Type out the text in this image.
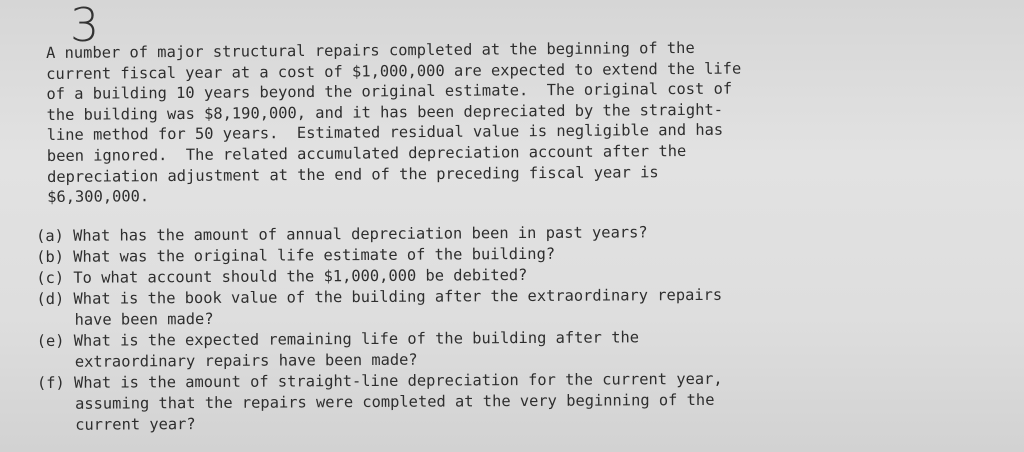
3
A number of major structural repairs completed at the beginning of the
current fiscal year at a cost of $1,000,000 are expected to extend the life
of a building 10 years beyond the original estimate.  The original cost of
the building was $8,190,000, and it has been depreciated by the straight-
line method for 50 years.  Estimated residual value is negligible and has
been ignored.  The related accumulated depreciation account after the
depreciation adjustment at the end of the preceding fiscal year is
$6,300,000.
(a) What has the amount of annual depreciation been in past years?
(b) What was the original life estimate of the building?
(c) To what account should the $1,000,000 be debited?
(d) What is the book value of the building after the extraordinary repairs
have been made?
(e) What is the expected remaining life of the building after the
extraordinary repairs have been made?
(f) What is the amount of straight-line depreciation for the current year,
assuming that the repairs were completed at the very beginning of the
current year?
